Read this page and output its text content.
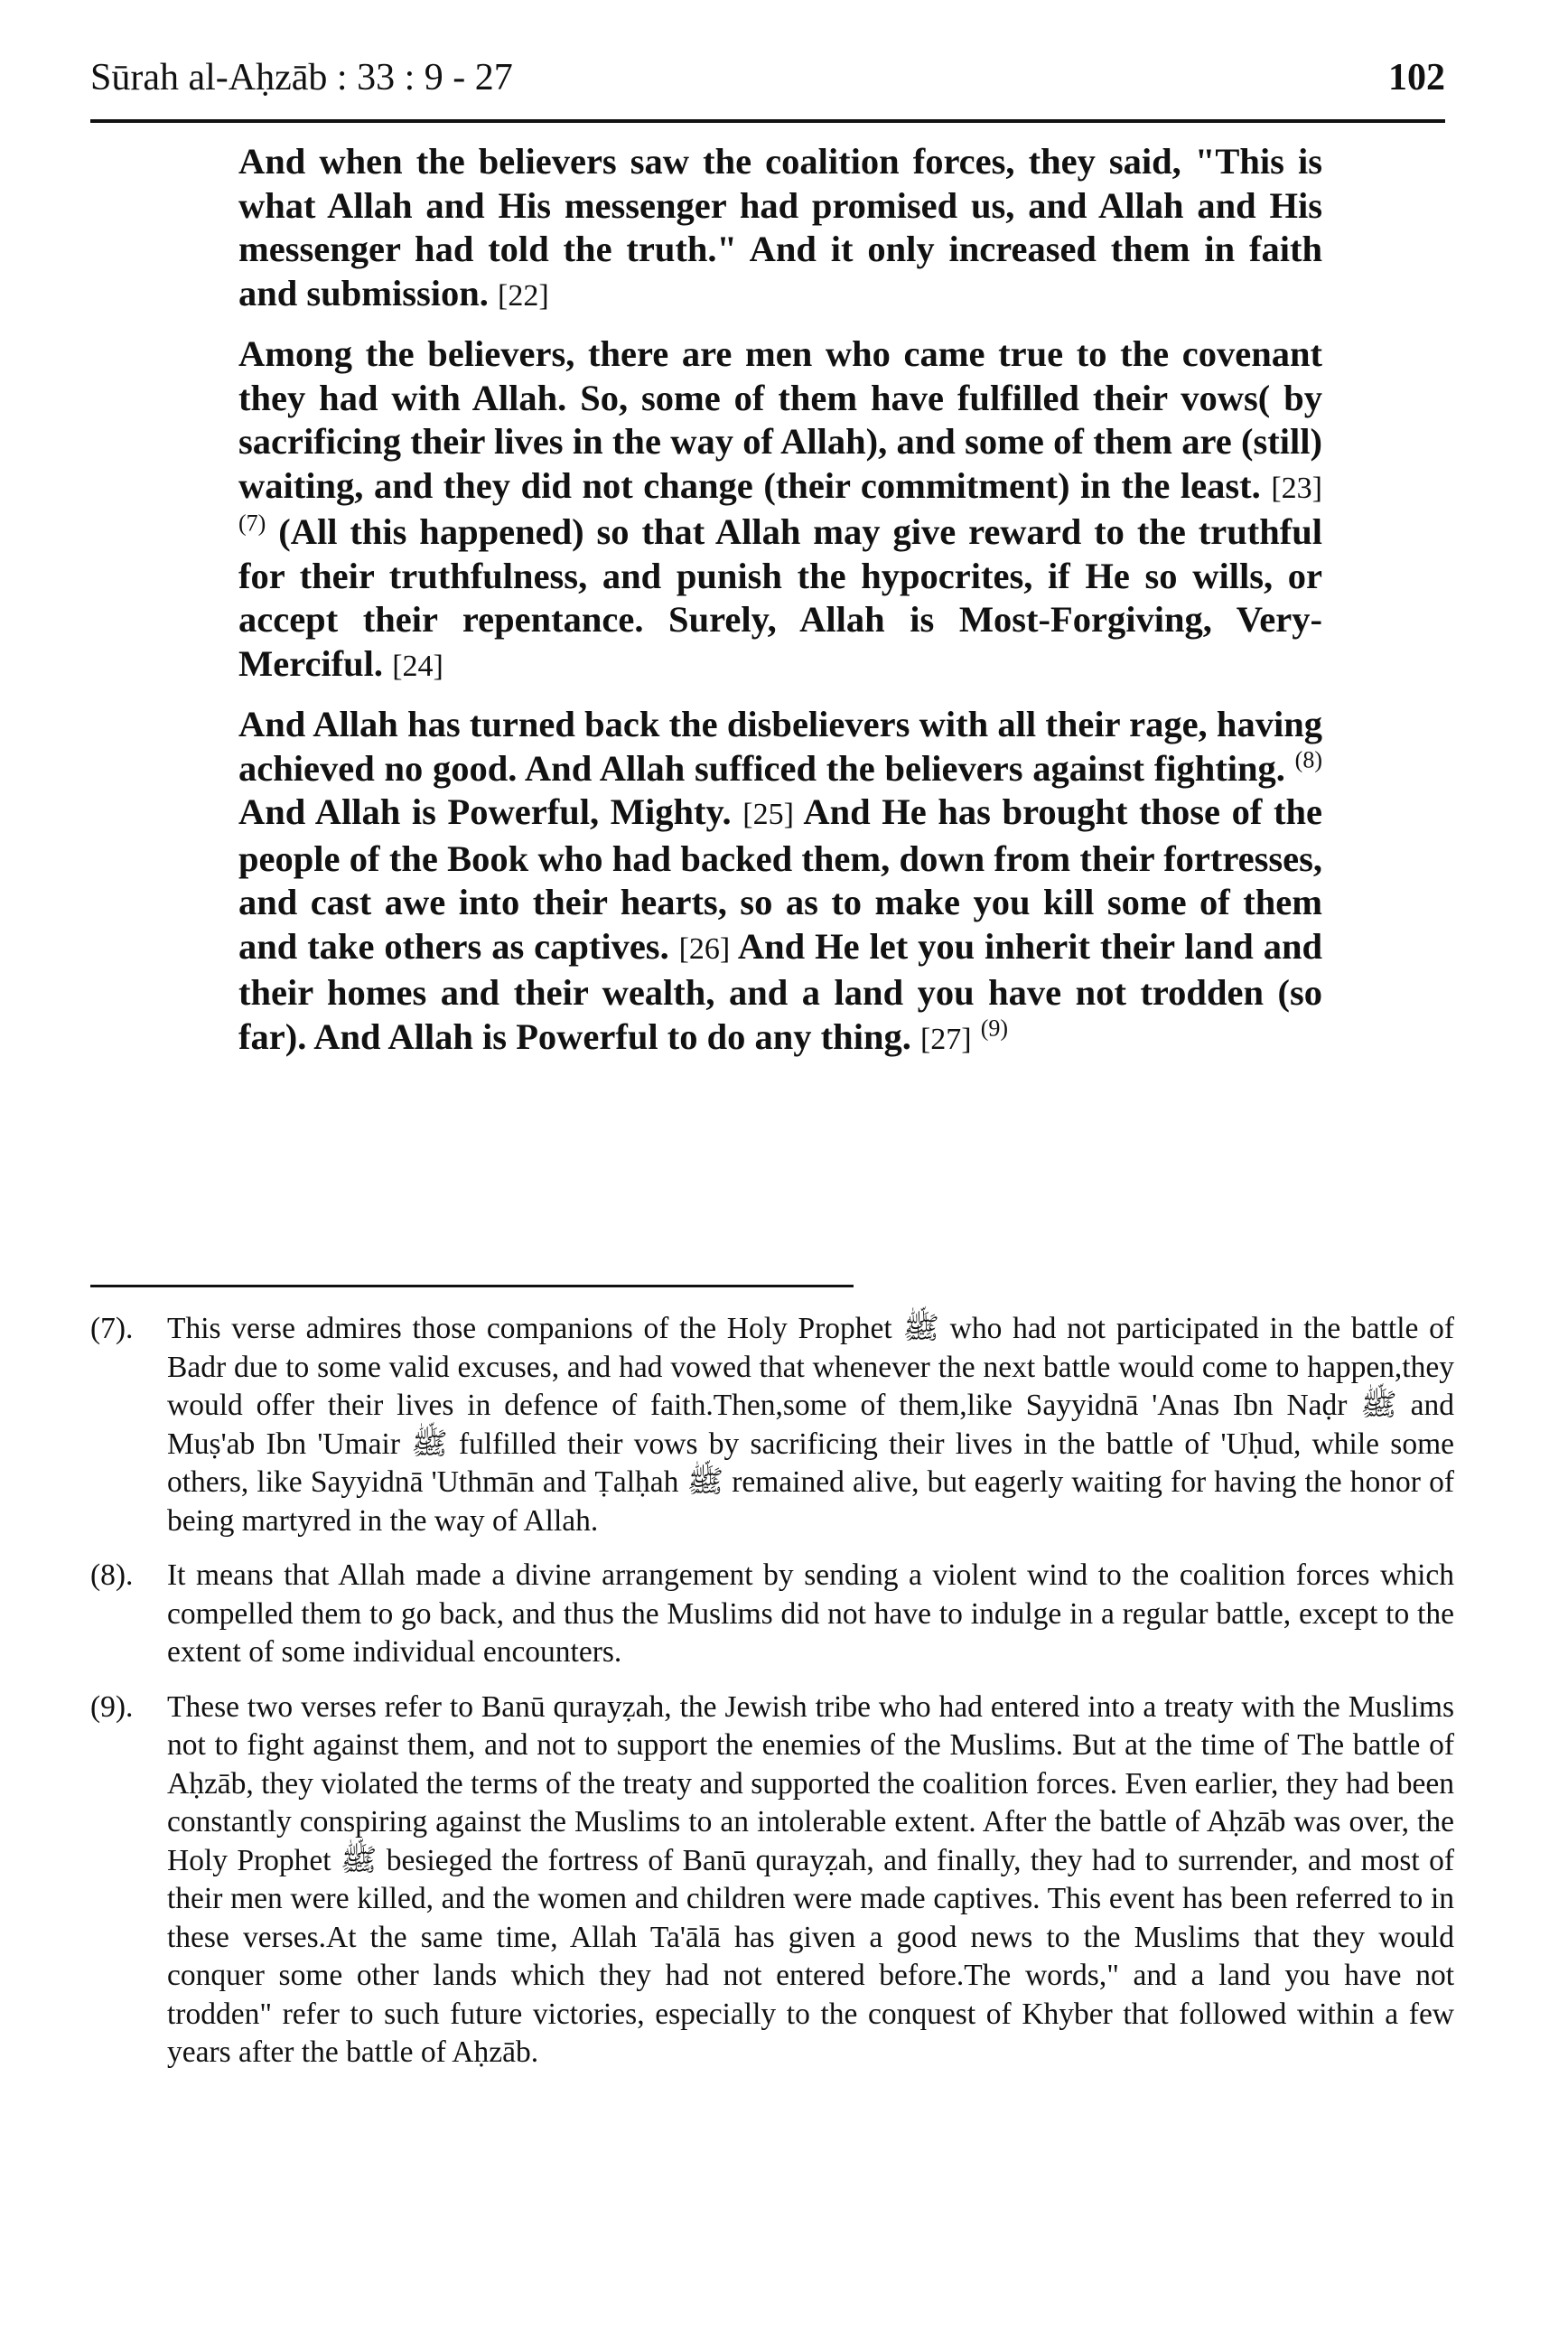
Sūrah al-Aḥzāb : 33 : 9 - 27	102

And when the believers saw the coalition forces, they said, "This is what Allah and His messenger had promised us, and Allah and His messenger had told the truth." And it only increased them in faith and submission. [22]

Among the believers, there are men who came true to the covenant they had with Allah. So, some of them have fulfilled their vows( by sacrificing their lives in the way of Allah), and some of them are (still) waiting, and they did not change (their commitment) in the least. [23] $^{(7)}$ (All this happened) so that Allah may give reward to the truthful for their truthfulness, and punish the hypocrites, if He so wills, or accept their repentance. Surely, Allah is Most-Forgiving, Very-Merciful. [24]

And Allah has turned back the disbelievers with all their rage, having achieved no good. And Allah sufficed the believers against fighting. $^{(8)}$ And Allah is Powerful, Mighty. [25] And He has brought those of the people of the Book who had backed them, down from their fortresses, and cast awe into their hearts, so as to make you kill some of them and take others as captives. [26] And He let you inherit their land and their homes and their wealth, and a land you have not trodden (so far). And Allah is Powerful to do any thing. [27] $^{(9)}$

(7).	This verse admires those companions of the Holy Prophet ﷺ who had not participated in the battle of Badr due to some valid excuses, and had vowed that whenever the next battle would come to happen,they would offer their lives in defence of faith.Then,some of them,like Sayyidnā 'Anas Ibn Naḍr ﷺ and Muṣ'ab Ibn 'Umair ﷺ fulfilled their vows by sacrificing their lives in the battle of 'Uḥud, while some others, like Sayyidnā 'Uthmān and Ṭalḥah ﷺ remained alive, but eagerly waiting for having the honor of being martyred in the way of Allah.
(8).	It means that Allah made a divine arrangement by sending a violent wind to the coalition forces which compelled them to go back, and thus the Muslims did not have to indulge in a regular battle, except to the extent of some individual encounters.
(9).	These two verses refer to Banū qurayẓah, the Jewish tribe who had entered into a treaty with the Muslims not to fight against them, and not to support the enemies of the Muslims. But at the time of The battle of Aḥzāb, they violated the terms of the treaty and supported the coalition forces. Even earlier, they had been constantly conspiring against the Muslims to an intolerable extent. After the battle of Aḥzāb was over, the Holy Prophet ﷺ besieged the fortress of Banū qurayẓah, and finally, they had to surrender, and most of their men were killed, and the women and children were made captives. This event has been referred to in these verses.At the same time, Allah Ta'ālā has given a good news to the Muslims that they would conquer some other lands which they had not entered before.The words," and a land you have not trodden" refer to such future victories, especially to the conquest of Khyber that followed within a few years after the battle of Aḥzāb.
